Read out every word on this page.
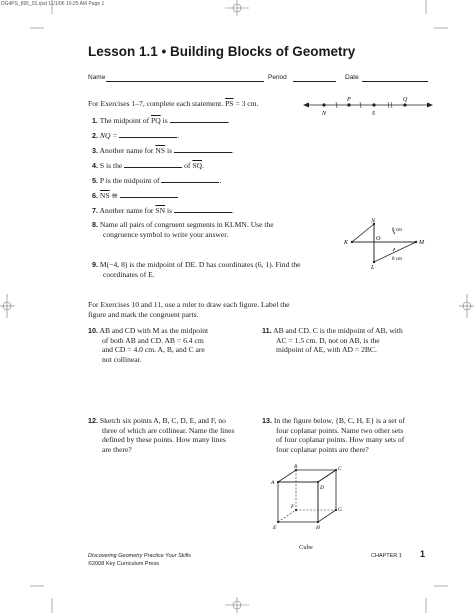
DG4PS_895_01.qxd 11/1/06 10:25 AM Page 1
Lesson 1.1 • Building Blocks of Geometry
Name	Period	Date
For Exercises 1–7, complete each statement. $\overline{PS} = 3$ cm.
N
P
S
Q
1. The midpoint of $\overline{PQ}$ is	.
2. NQ =	.
3. Another name for $\overline{NS}$ is	.
4. S is the	of $\overline{SQ}$.
5. P is the midpoint of	.
6. $\overline{NS}$ ≅
7. Another name for $\overline{SN}$ is	.
8. Name all pairs of congruent segments in KLMN. Use the
congruence symbol to write your answer.
N
K	M
O
L
8 cm
8 cm
9. M(−4, 8) is the midpoint of DE. D has coordinates (6, 1). Find the
coordinates of E.
For Exercises 10 and 11, use a ruler to draw each figure. Label the
figure and mark the congruent parts.
10. AB and CD with M as the midpoint
of both AB and CD. AB = 6.4 cm
and CD = 4.0 cm. A, B, and C are
not collinear.
11. AB and CD. C is the midpoint of AB, with
AC = 1.5 cm. D, not on AB, is the
midpoint of AE, with AD = 2BC.
12. Sketch six points A, B, C, D, E, and F, no
three of which are collinear. Name the lines
defined by these points. How many lines
are there?
13. In the figure below, {B, C, H, E} is a set of
four coplanar points. Name two other sets
of four coplanar points. How many sets of
four coplanar points are there?
B	C
A
D
G
F
E	H
Cube
Discovering Geometry Practice Your Skills
©2008 Key Curriculum Press
CHAPTER 1 1
